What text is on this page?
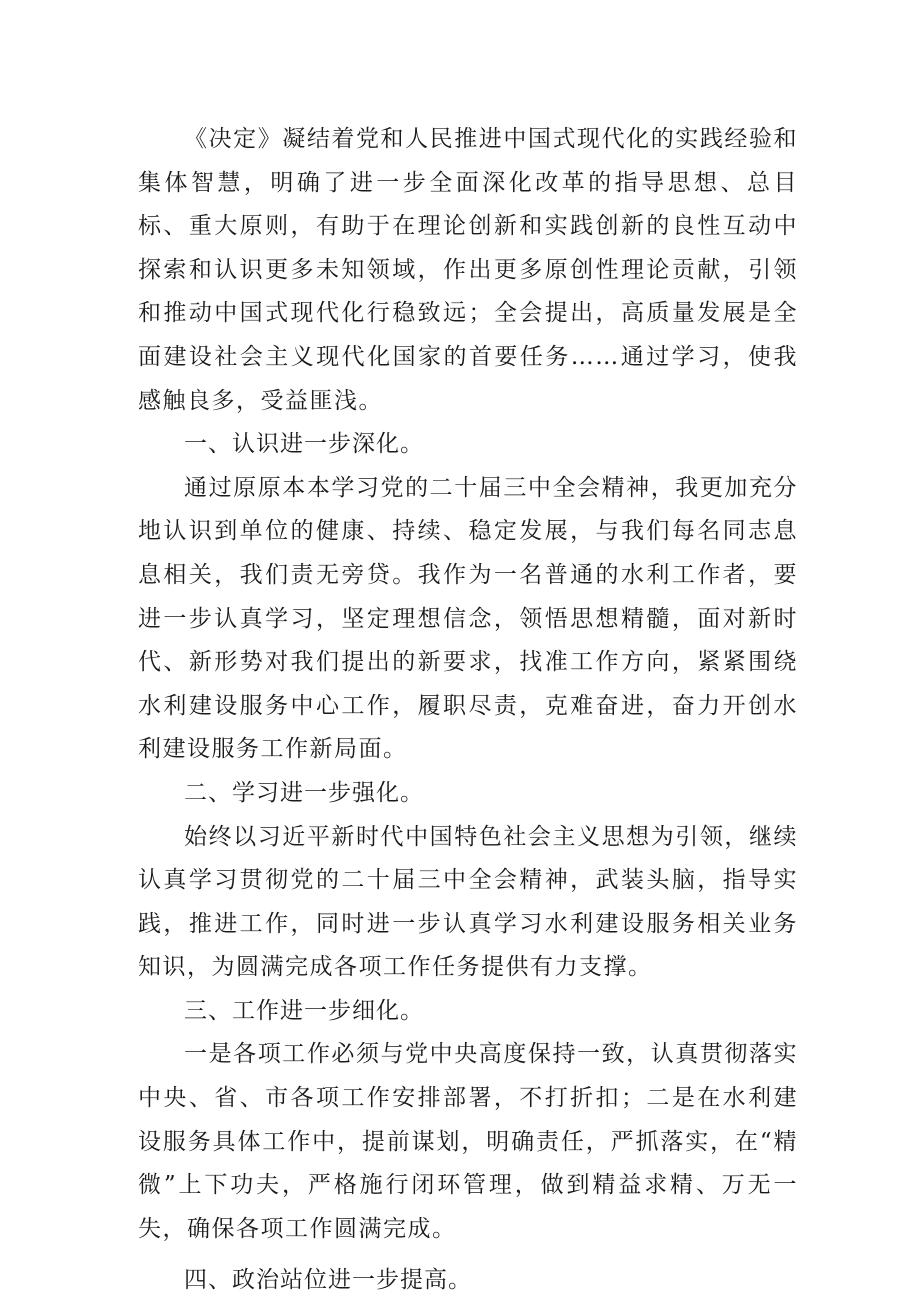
《决定》凝结着党和人民推进中国式现代化的实践经验和集体智慧，明确了进一步全面深化改革的指导思想、总目标、重大原则，有助于在理论创新和实践创新的良性互动中探索和认识更多未知领域，作出更多原创性理论贡献，引领和推动中国式现代化行稳致远；全会提出，高质量发展是全面建设社会主义现代化国家的首要任务……通过学习，使我感触良多，受益匪浅。

一、认识进一步深化。

通过原原本本学习党的二十届三中全会精神，我更加充分地认识到单位的健康、持续、稳定发展，与我们每名同志息息相关，我们责无旁贷。我作为一名普通的水利工作者，要进一步认真学习，坚定理想信念，领悟思想精髓，面对新时代、新形势对我们提出的新要求，找准工作方向，紧紧围绕水利建设服务中心工作，履职尽责，克难奋进，奋力开创水利建设服务工作新局面。

二、学习进一步强化。

始终以习近平新时代中国特色社会主义思想为引领，继续认真学习贯彻党的二十届三中全会精神，武装头脑，指导实践，推进工作，同时进一步认真学习水利建设服务相关业务知识，为圆满完成各项工作任务提供有力支撑。

三、工作进一步细化。

一是各项工作必须与党中央高度保持一致，认真贯彻落实中央、省、市各项工作安排部署，不打折扣；二是在水利建设服务具体工作中，提前谋划，明确责任，严抓落实，在“精微”上下功夫，严格施行闭环管理，做到精益求精、万无一失，确保各项工作圆满完成。

四、政治站位进一步提高。
